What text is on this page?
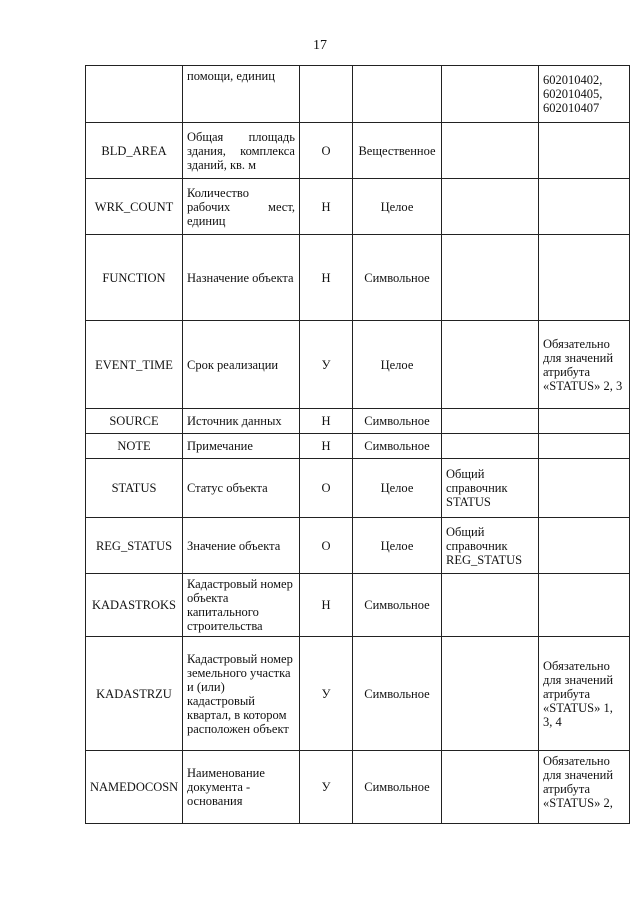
17
	помощи, единиц				602010402,
602010405,
602010407
BLD_AREA	Общая площадь здания, комплекса зданий, кв. м	О	Вещественное		
WRK_COUNT	Количество рабочих мест, единиц	Н	Целое		
FUNCTION	Назначение объекта	Н	Символьное		
EVENT_TIME	Срок реализации	У	Целое		Обязательно для значений атрибута «STATUS» 2, 3
SOURCE	Источник данных	Н	Символьное		
NOTE	Примечание	Н	Символьное		
STATUS	Статус объекта	О	Целое	Общий справочник STATUS	
REG_STATUS	Значение объекта	О	Целое	Общий справочник REG_STATUS	
KADASTROKS	Кадастровый номер объекта капитального строительства	Н	Символьное		
KADASTRZU	Кадастровый номер земельного участка и (или) кадастровый квартал, в котором расположен объект	У	Символьное		Обязательно для значений атрибута «STATUS» 1, 3, 4
NAMEDOCOSN	Наименование документа - основания	У	Символьное		Обязательно для значений атрибута «STATUS» 2,
